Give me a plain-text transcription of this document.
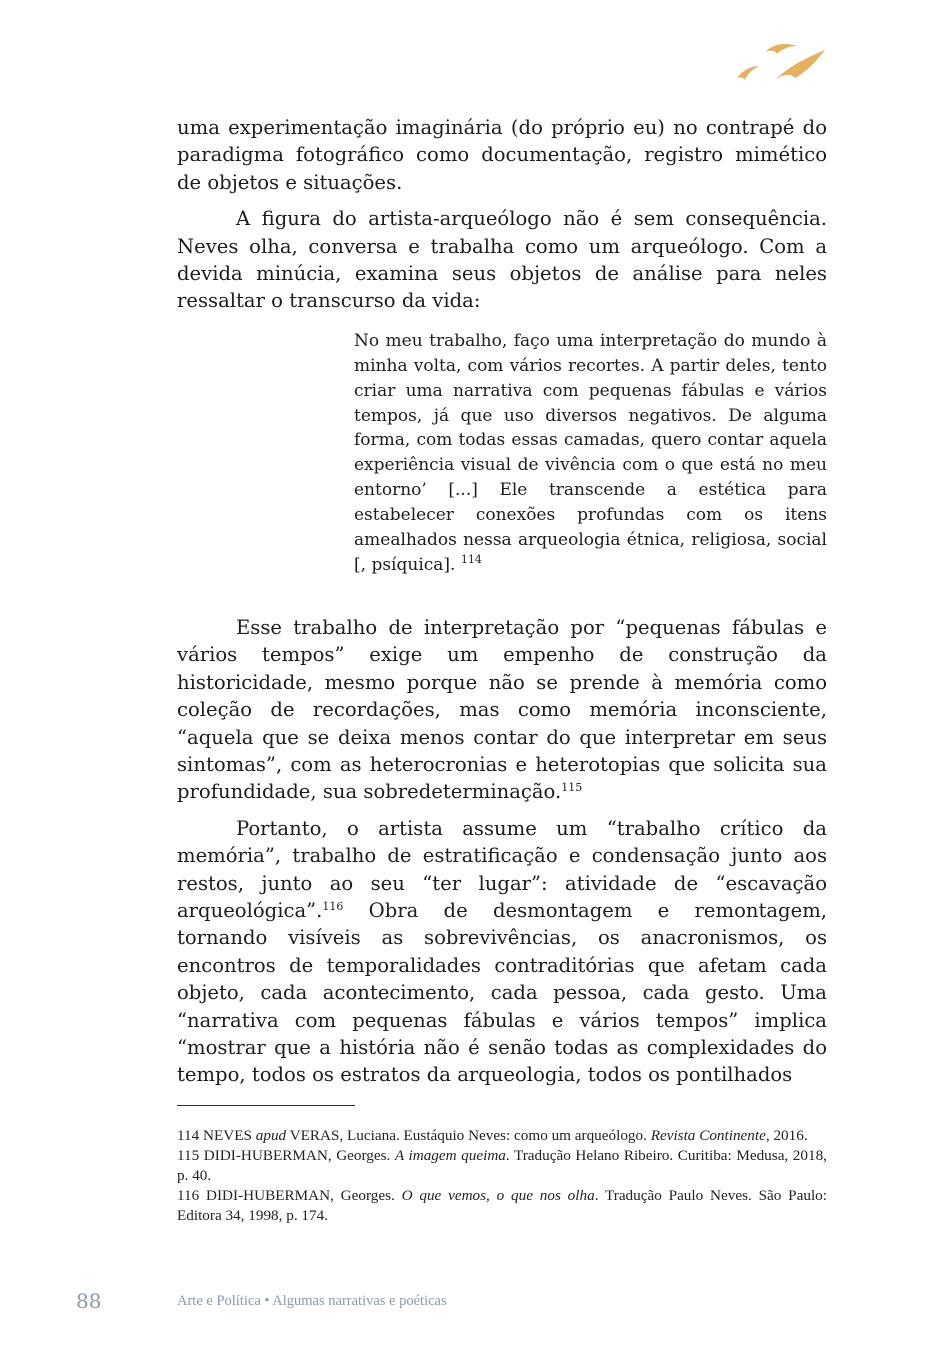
uma experimentação imaginária (do próprio eu) no contrapé do paradigma fotográfico como documentação, registro mimético de objetos e situações.

A figura do artista-arqueólogo não é sem consequência. Neves olha, conversa e trabalha como um arqueólogo. Com a devida minúcia, examina seus objetos de análise para neles ressaltar o transcurso da vida:

No meu trabalho, faço uma interpretação do mundo à minha volta, com vários recortes. A partir deles, tento criar uma narrativa com pequenas fábulas e vários tempos, já que uso diversos negativos. De alguma forma, com todas essas camadas, quero contar aquela experiência visual de vivência com o que está no meu entorno’ [...] Ele transcende a estética para estabelecer conexões profundas com os itens amealhados nessa arqueologia étnica, religiosa, social [, psíquica]. $^{114}$

Esse trabalho de interpretação por “pequenas fábulas e vários tempos” exige um empenho de construção da historicidade, mesmo porque não se prende à memória como coleção de recordações, mas como memória inconsciente, “aquela que se deixa menos contar do que interpretar em seus sintomas”, com as heterocronias e heterotopias que solicita sua profundidade, sua sobredeterminação.$^{115}$

Portanto, o artista assume um “trabalho crítico da memória”, trabalho de estratificação e condensação junto aos restos, junto ao seu “ter lugar”: atividade de “escavação arqueológica”.$^{116}$ Obra de desmontagem e remontagem, tornando visíveis as sobrevivências, os anacronismos, os encontros de temporalidades contraditórias que afetam cada objeto, cada acontecimento, cada pessoa, cada gesto. Uma “narrativa com pequenas fábulas e vários tempos” implica “mostrar que a história não é senão todas as complexidades do tempo, todos os estratos da arqueologia, todos os pontilhados

114 NEVES apud VERAS, Luciana. Eustáquio Neves: como um arqueólogo. Revista Continente, 2016.

115 DIDI-HUBERMAN, Georges. A imagem queima. Tradução Helano Ribeiro. Curitiba: Medusa, 2018, p. 40.

116 DIDI-HUBERMAN, Georges. O que vemos, o que nos olha. Tradução Paulo Neves. São Paulo: Editora 34, 1998, p. 174.

88	Arte e Política • Algumas narrativas e poéticas
